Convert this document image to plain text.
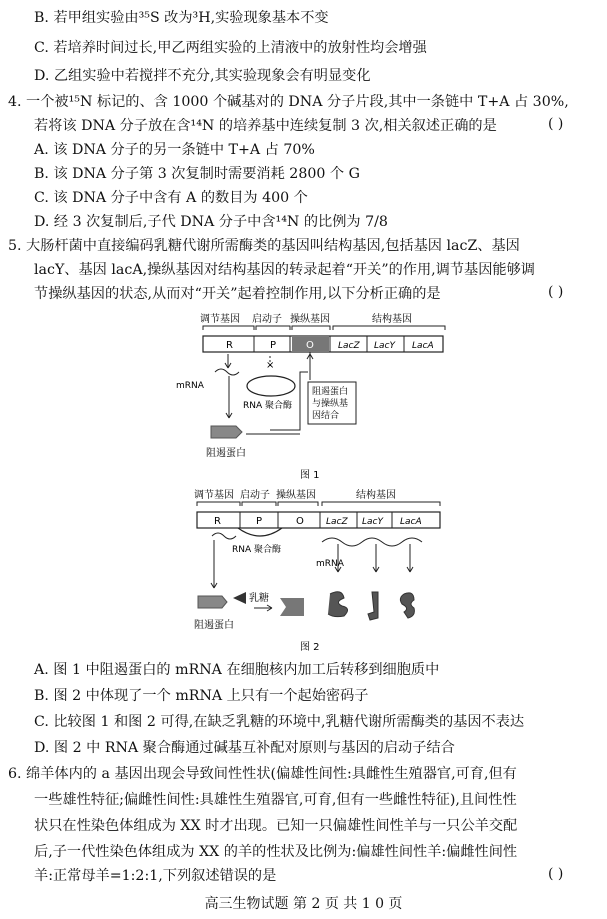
B. 若甲组实验由³⁵S 改为³H,实验现象基本不变
C. 若培养时间过长,甲乙两组实验的上清液中的放射性均会增强
D. 乙组实验中若搅拌不充分,其实验现象会有明显变化
4. 一个被¹⁵N 标记的、含 1000 个碱基对的 DNA 分子片段,其中一条链中 T+A 占 30%,
若将该 DNA 分子放在含¹⁴N 的培养基中连续复制 3 次,相关叙述正确的是	( )
A. 该 DNA 分子的另一条链中 T+A 占 70%
B. 该 DNA 分子第 3 次复制时需要消耗 2800 个 G
C. 该 DNA 分子中含有 A 的数目为 400 个
D. 经 3 次复制后,子代 DNA 分子中含¹⁴N 的比例为 7/8
5. 大肠杆菌中直接编码乳糖代谢所需酶类的基因叫结构基因,包括基因 lacZ、基因
lacY、基因 lacA,操纵基因对结构基因的转录起着“开关”的作用,调节基因能够调
节操纵基因的状态,从而对“开关”起着控制作用,以下分析正确的是	( )
调节基因 启动子 操纵基因	结构基因
R	P	O	LacZ LacY LacA
mRNA
×
RNA 聚合酶
阻遏蛋白
与操纵基
因结合
阻遏蛋白
图 1
调节基因 启动子 操纵基因	结构基因
R	P	O LacZ LacY LacA
RNA 聚合酶
mRNA
乳糖
阻遏蛋白
图 2
A. 图 1 中阻遏蛋白的 mRNA 在细胞核内加工后转移到细胞质中
B. 图 2 中体现了一个 mRNA 上只有一个起始密码子
C. 比较图 1 和图 2 可得,在缺乏乳糖的环境中,乳糖代谢所需酶类的基因不表达
D. 图 2 中 RNA 聚合酶通过碱基互补配对原则与基因的启动子结合
6. 绵羊体内的 a 基因出现会导致间性性状(偏雄性间性:具雌性生殖器官,可育,但有
一些雄性特征;偏雌性间性:具雄性生殖器官,可育,但有一些雌性特征),且间性性
状只在性染色体组成为 XX 时才出现。已知一只偏雄性间性羊与一只公羊交配
后,子一代性染色体组成为 XX 的羊的性状及比例为:偏雄性间性羊:偏雌性间性
羊:正常母羊=1:2:1,下列叙述错误的是	( )
高三生物试题 第 2 页 共 1 0 页
